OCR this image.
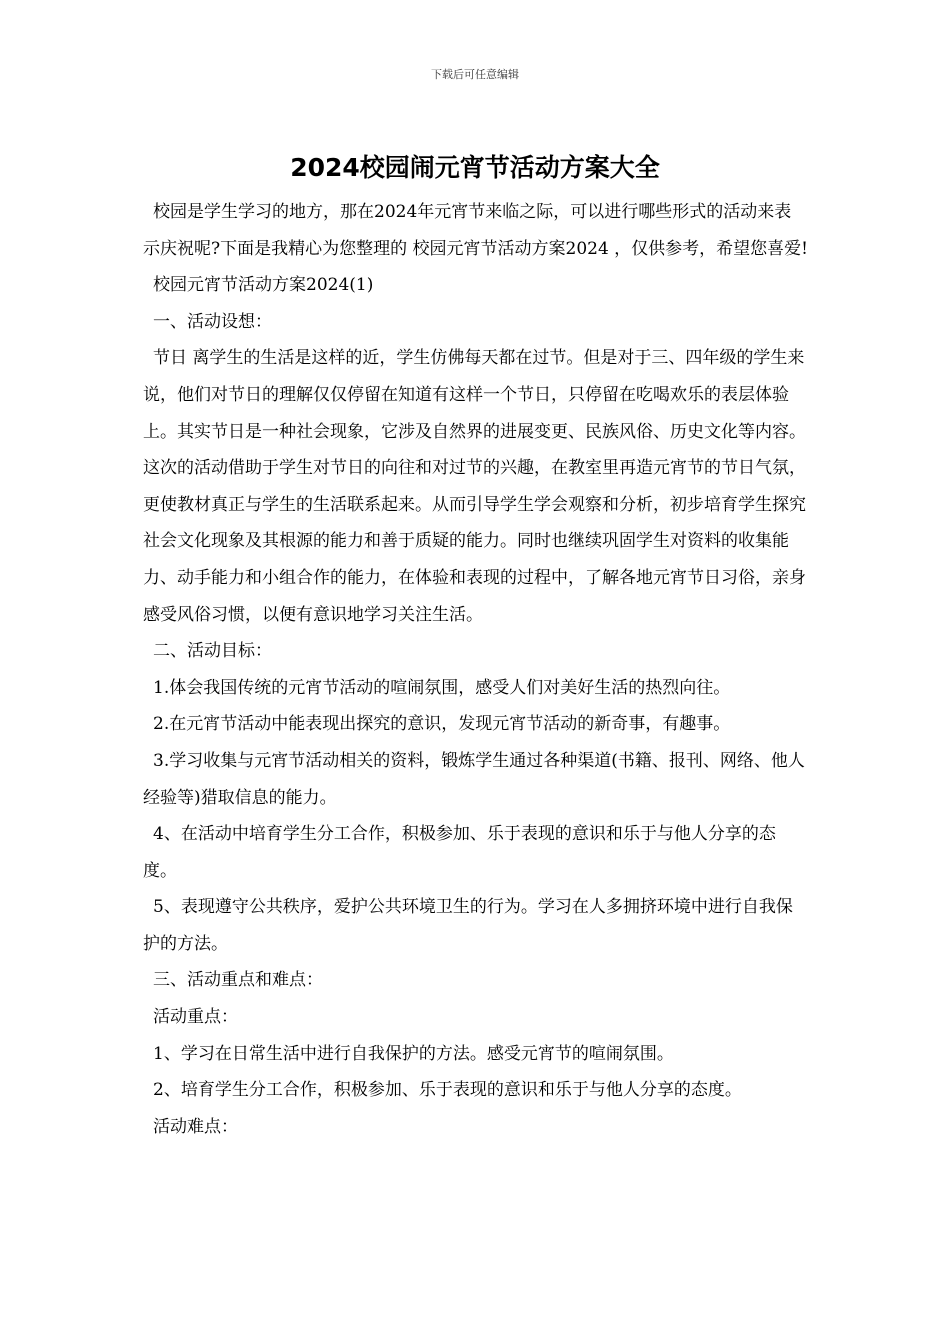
下载后可任意编辑
2024校园闹元宵节活动方案大全

校园是学生学习的地方，那在2024年元宵节来临之际，可以进行哪些形式的活动来表示庆祝呢?下面是我精心为您整理的 校园元宵节活动方案2024 ，仅供参考，希望您喜爱!

校园元宵节活动方案2024(1)

一、活动设想：

节日 离学生的生活是这样的近，学生仿佛每天都在过节。但是对于三、四年级的学生来说，他们对节日的理解仅仅停留在知道有这样一个节日，只停留在吃喝欢乐的表层体验上。其实节日是一种社会现象，它涉及自然界的进展变更、民族风俗、历史文化等内容。这次的活动借助于学生对节日的向往和对过节的兴趣，在教室里再造元宵节的节日气氛，更使教材真正与学生的生活联系起来。从而引导学生学会观察和分析，初步培育学生探究社会文化现象及其根源的能力和善于质疑的能力。同时也继续巩固学生对资料的收集能力、动手能力和小组合作的能力，在体验和表现的过程中，了解各地元宵节日习俗，亲身感受风俗习惯，以便有意识地学习关注生活。

二、活动目标：

1.体会我国传统的元宵节活动的喧闹氛围，感受人们对美好生活的热烈向往。

2.在元宵节活动中能表现出探究的意识，发现元宵节活动的新奇事，有趣事。

3.学习收集与元宵节活动相关的资料，锻炼学生通过各种渠道(书籍、报刊、网络、他人经验等)猎取信息的能力。

4、在活动中培育学生分工合作，积极参加、乐于表现的意识和乐于与他人分享的态度。

5、表现遵守公共秩序，爱护公共环境卫生的行为。学习在人多拥挤环境中进行自我保护的方法。

三、活动重点和难点：

活动重点：

1、学习在日常生活中进行自我保护的方法。感受元宵节的喧闹氛围。

2、培育学生分工合作，积极参加、乐于表现的意识和乐于与他人分享的态度。

活动难点：
